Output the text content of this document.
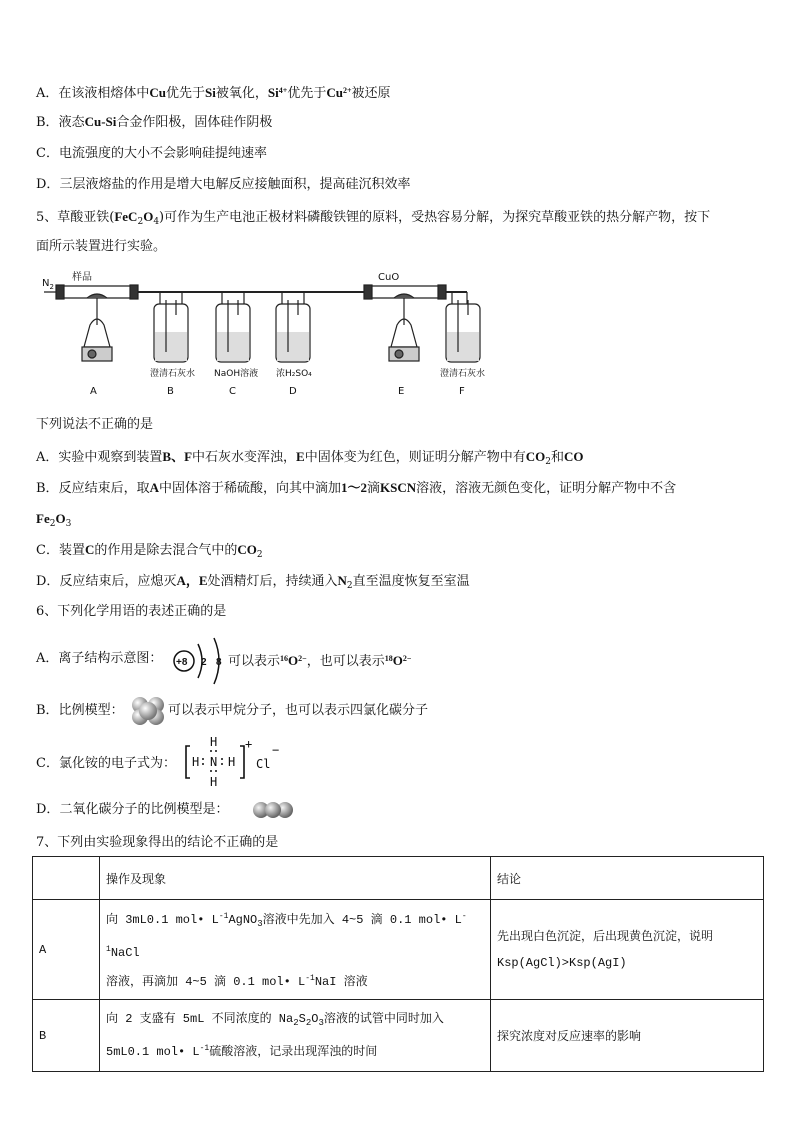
A．在该液相熔体中Cu优先于Si被氧化，$Si^{4+}$优先于$Cu^{2+}$被还原
B．液态Cu-Si合金作阳极，固体硅作阴极
C．电流强度的大小不会影响硅提纯速率
D．三层液熔盐的作用是增大电解反应接触面积，提高硅沉积效率
5、草酸亚铁$(FeC_2O_4)$可作为生产电池正极材料磷酸铁锂的原料，受热容易分解，为探究草酸亚铁的热分解产物，按下
面所示装置进行实验。
$N_2$
样品	CuO
澄清石灰水 NaOH溶液 浓H₂SO₄	澄清石灰水
A	B	C	D	E	F
下列说法不正确的是
A．实验中观察到装置B、F中石灰水变浑浊，E中固体变为红色，则证明分解产物中有$CO_2$和CO
B．反应结束后，取A中固体溶于稀硫酸，向其中滴加1～2滴KSCN溶液，溶液无颜色变化，证明分解产物中不含
$Fe_2O_3$
C．装置C的作用是除去混合气中的$CO_2$
D．反应结束后，应熄灭A，E处酒精灯后，持续通入$N_2$直至温度恢复至室温
6、下列化学用语的表述正确的是
A．离子结构示意图： +8 2 8 可以表示$^{16}O^{2-}$，也可以表示$^{18}O^{2-}$
B．比例模型：	可以表示甲烷分子，也可以表示四氯化碳分子
C．氯化铵的电子式为：
H
H N H
H
+
Cl
−
D．二氧化碳分子的比例模型是：
7、下列由实验现象得出的结论不正确的是
	操作及现象	结论
A	向 3mL0.1 mol• $L^{-1}AgNO_3$溶液中先加入 4~5 滴 0.1 mol• $L^{-1}NaCl$
溶液，再滴加 4~5 滴 0.1 mol• $L^{-1}NaI$ 溶液	先出现白色沉淀，后出现黄色沉淀，说明
Ksp(AgCl)>Ksp(AgI)
B	向 2 支盛有 5mL 不同浓度的 $Na_2S_2O_3$溶液的试管中同时加入
5mL0.1 mol• $L^{-1}$硫酸溶液，记录出现浑浊的时间	探究浓度对反应速率的影响
